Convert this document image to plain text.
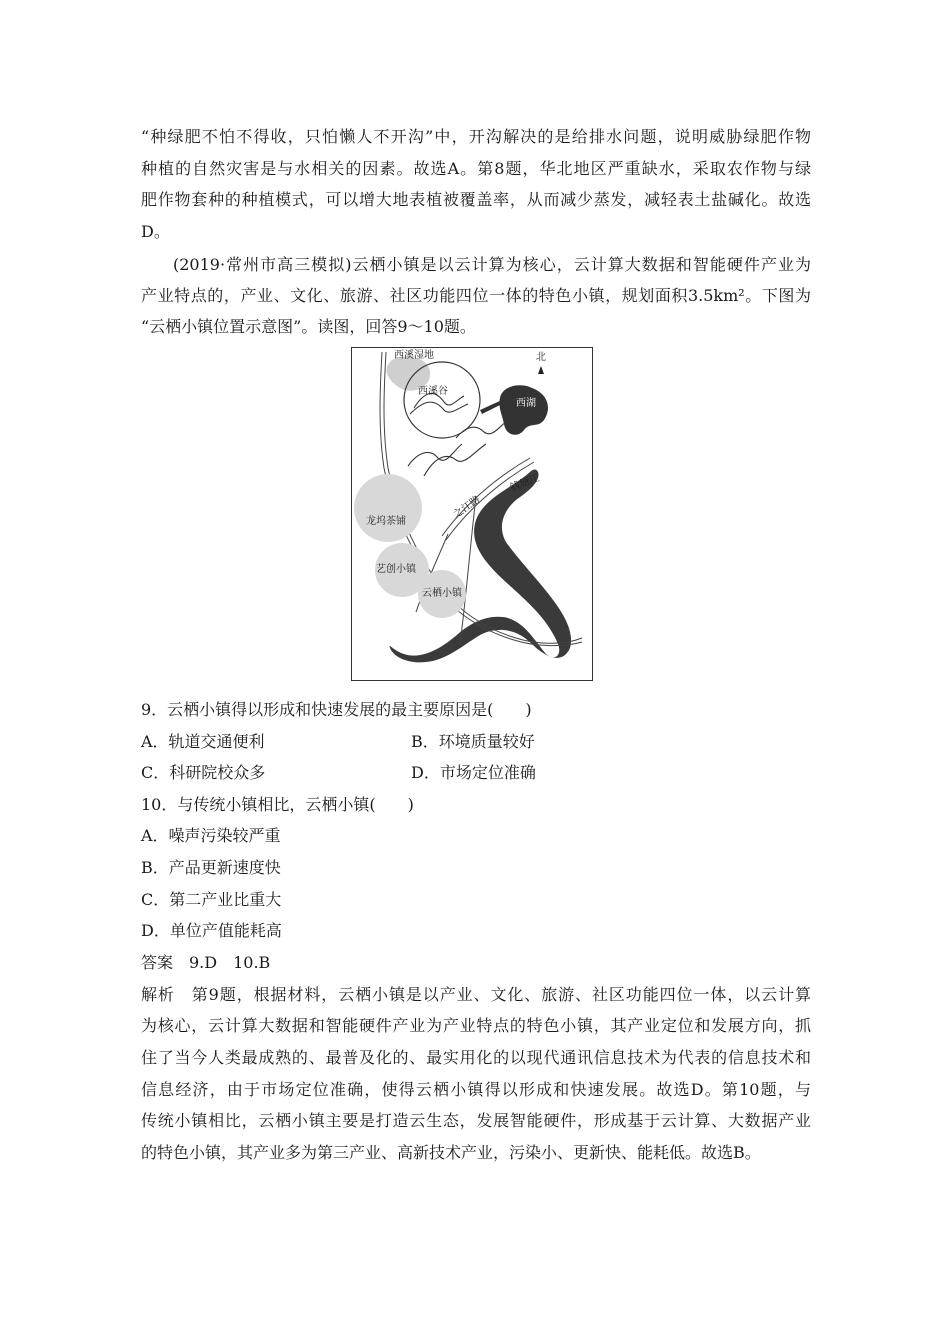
“种绿肥不怕不得收，只怕懒人不开沟”中，开沟解决的是给排水问题，说明威胁绿肥作物
种植的自然灾害是与水相关的因素。故选A。第8题，华北地区严重缺水，采取农作物与绿
肥作物套种的种植模式，可以增大地表植被覆盖率，从而减少蒸发，减轻表土盐碱化。故选
D。
(2019·常州市高三模拟)云栖小镇是以云计算为核心，云计算大数据和智能硬件产业为
产业特点的，产业、文化、旅游、社区功能四位一体的特色小镇，规划面积3.5km²。下图为
“云栖小镇位置示意图”。读图，回答9～10题。
西溪湿地	北
西溪谷
西湖
之江路
钱塘江
龙坞茶铺
艺创小镇
云栖小镇
9．云栖小镇得以形成和快速发展的最主要原因是(　　)
A．轨道交通便利	B．环境质量较好
C．科研院校众多	D．市场定位准确
10．与传统小镇相比，云栖小镇(　　)
A．噪声污染较严重
B．产品更新速度快
C．第二产业比重大
D．单位产值能耗高
答案　9.D　10.B
解析　第9题，根据材料，云栖小镇是以产业、文化、旅游、社区功能四位一体，以云计算
为核心，云计算大数据和智能硬件产业为产业特点的特色小镇，其产业定位和发展方向，抓
住了当今人类最成熟的、最普及化的、最实用化的以现代通讯信息技术为代表的信息技术和
信息经济，由于市场定位准确，使得云栖小镇得以形成和快速发展。故选D。第10题，与
传统小镇相比，云栖小镇主要是打造云生态，发展智能硬件，形成基于云计算、大数据产业
的特色小镇，其产业多为第三产业、高新技术产业，污染小、更新快、能耗低。故选B。
